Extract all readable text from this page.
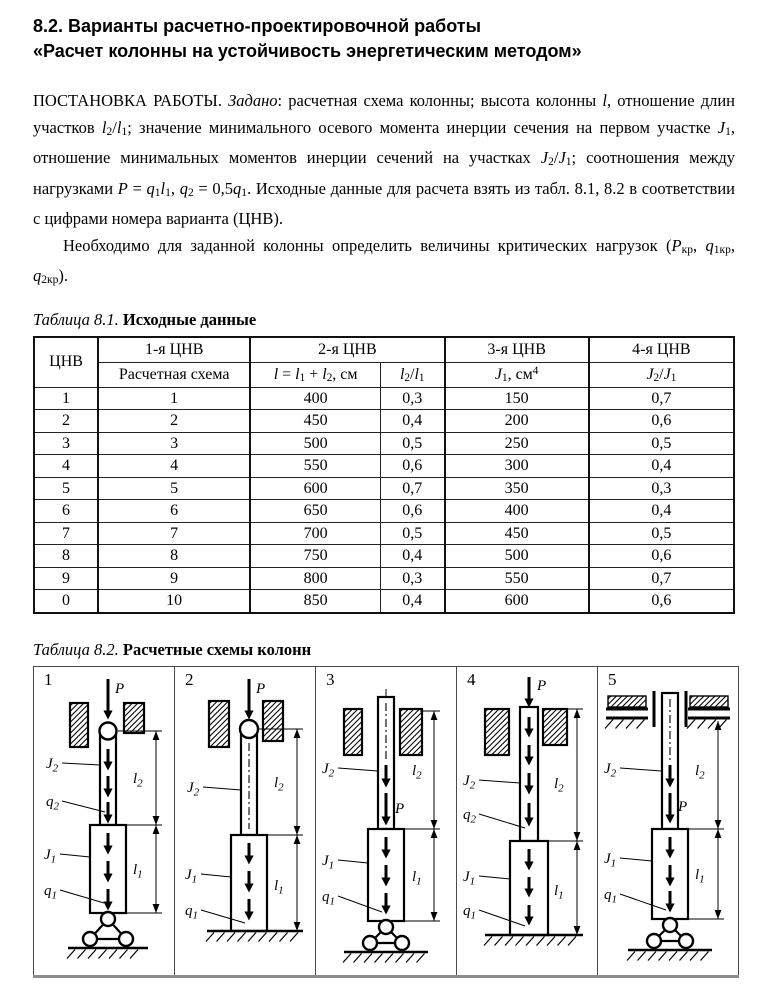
8.2. Варианты расчетно-проектировочной работы
«Расчет колонны на устойчивость энергетическим методом»

ПОСТАНОВКА РАБОТЫ. Задано: расчетная схема колонны; высота колонны l, отношение длин участков l2/l1; значение минимального осевого момента инерции сечения на первом участке J1, отношение минимальных моментов инерции сечений на участках J2/J1; соотношения между нагрузками P = q1l1, q2 = 0,5q1. Исходные данные для расчета взять из табл. 8.1, 8.2 в соответствии с цифрами номера варианта (ЦНВ).

Необходимо для заданной колонны определить величины критических нагрузок (Pкр, q1кр, q2кр).

Таблица 8.1. Исходные данные

ЦНВ	1-я ЦНВ	2-я ЦНВ		3-я ЦНВ	4-я ЦНВ
	Расчетная схема	l = l1 + l2, см	l2/l1	J1, $см^4$	J2/J1
1	1	400	0,3	150	0,7
2	2	450	0,4	200	0,6
3	3	500	0,5	250	0,5
4	4	550	0,6	300	0,4
5	5	600	0,7	350	0,3
6	6	650	0,6	400	0,4
7	7	700	0,5	450	0,5
8	8	750	0,4	500	0,6
9	9	800	0,3	550	0,7
0	10	850	0,4	600	0,6

Таблица 8.2. Расчетные схемы колонн

1	P
$J_2$
$q_2$
$l_2$
$J_1$
$q_1$
$l_1$

2	P
$J_2$
$l_2$
$J_1$
$q_1$
$l_1$

3
P
$J_2$	$l_2$
$J_1$
$q_1$
$l_1$

4	P
$J_2$
$q_2$
$l_2$
$J_1$
$q_1$
$l_1$

5
P
$J_2$	$l_2$
$J_1$
$q_1$
$l_1$
